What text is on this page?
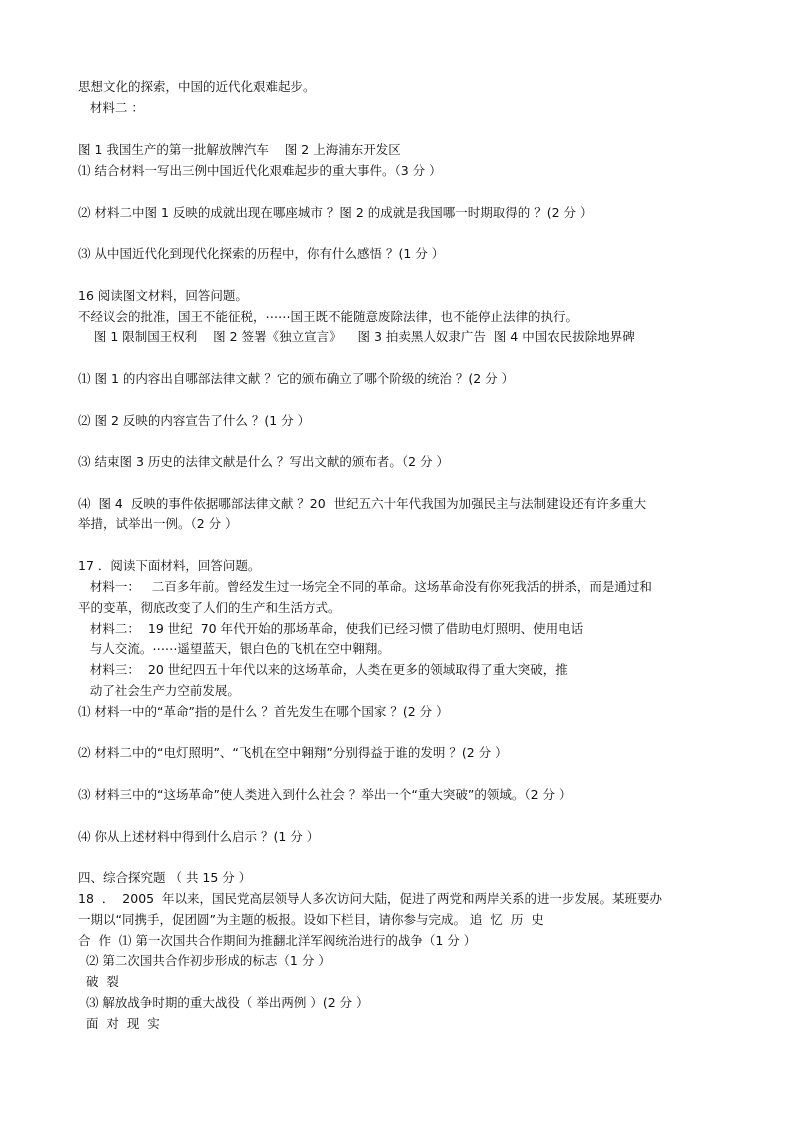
思想文化的探索，中国的近代化艰难起步。
材料二 ：
图 1 我国生产的第一批解放牌汽车    图 2 上海浦东开发区
⑴ 结合材料一写出三例中国近代化艰难起步的重大事件。（3 分 ）
⑵ 材料二中图 1 反映的成就出现在哪座城市 ？图 2 的成就是我国哪一时期取得的 ？(2 分 ）
⑶ 从中国近代化到现代化探索的历程中，你有什么感悟 ？(1 分 ）
16 阅读图文材料，回答问题。
不经议会的批准，国王不能征税，⋯⋯国王既不能随意废除法律，也不能停止法律的执行。
图 1 限制国王权利    图 2 签署《独立宣言》    图 3 拍卖黑人奴隶广告  图 4 中国农民拔除地界碑
⑴ 图 1 的内容出自哪部法律文献 ？它的颁布确立了哪个阶级的统治 ？(2 分 ）
⑵ 图 2 反映的内容宣告了什么 ？(1 分 ）
⑶ 结束图 3 历史的法律文献是什么 ？写出文献的颁布者。（2 分 ）
⑷  图 4  反映的事件依据哪部法律文献 ？20  世纪五六十年代我国为加强民主与法制建设还有许多重大
举措，试举出一例。（2 分 ）
17 ．阅读下面材料，回答问题。
材料一：   二百多年前。曾经发生过一场完全不同的革命。这场革命没有你死我活的拼杀，而是通过和
平的变革，彻底改变了人们的生产和生活方式。
材料二：  19 世纪  70 年代开始的那场革命，使我们已经习惯了借助电灯照明、使用电话
与人交流。⋯⋯遥望蓝天，银白色的飞机在空中翱翔。
材料三：  20 世纪四五十年代以来的这场革命，人类在更多的领域取得了重大突破，推
动了社会生产力空前发展。
⑴ 材料一中的“革命”指的是什么 ？首先发生在哪个国家 ？(2 分 ）
⑵ 材料二中的“电灯照明”、“飞机在空中翱翔”分别得益于谁的发明 ？(2 分 ）
⑶ 材料三中的“这场革命”使人类进入到什么社会 ？举出一个“重大突破”的领域。（2 分 ）
⑷ 你从上述材料中得到什么启示 ？(1 分 ）
四、综合探究题 （ 共 15 分 ）
18  ．  2005  年以来，国民党高层领导人多次访问大陆，促进了两党和两岸关系的进一步发展。某班要办
一期以“同携手，促团圆”为主题的板报。设如下栏目，请你参与完成。 追  忆  历  史
合  作  ⑴ 第一次国共合作期间为推翻北洋军阀统治进行的战争（1 分 ）
⑵ 第二次国共合作初步形成的标志（1 分 ）
破  裂
⑶ 解放战争时期的重大战役（ 举出两例 ）(2 分 ）
面  对  现  实
